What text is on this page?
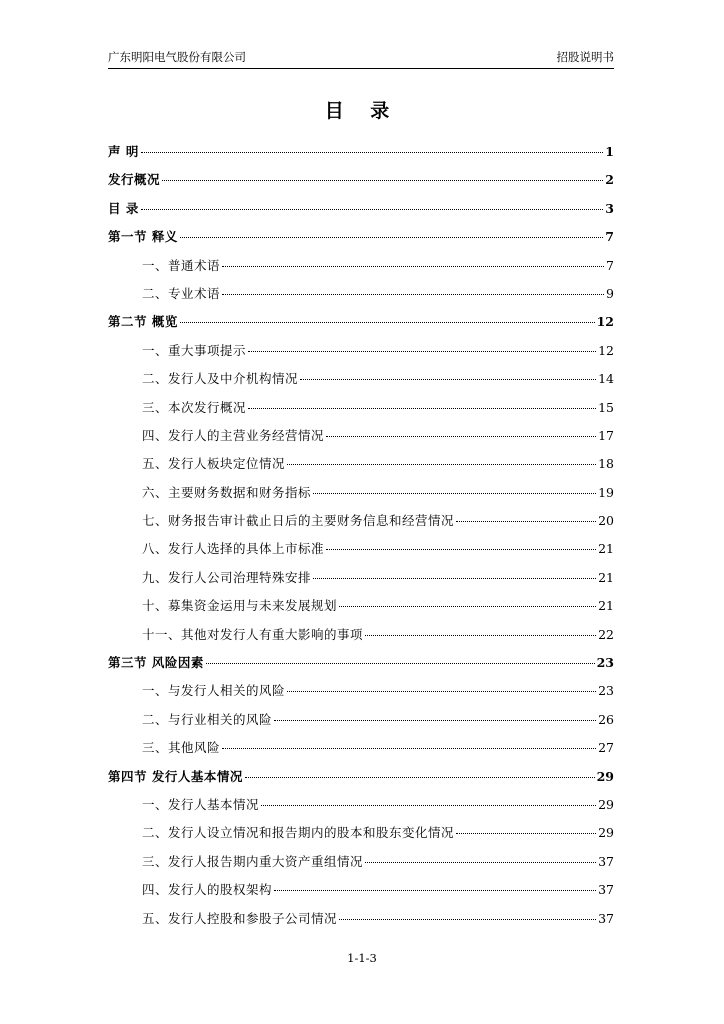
广东明阳电气股份有限公司	招股说明书
目 录
声 明	1
发行概况	2
目 录	3
第一节 释义	7
一、普通术语	7
二、专业术语	9
第二节 概览	12
一、重大事项提示	12
二、发行人及中介机构情况	14
三、本次发行概况	15
四、发行人的主营业务经营情况	17
五、发行人板块定位情况	18
六、主要财务数据和财务指标	19
七、财务报告审计截止日后的主要财务信息和经营情况	20
八、发行人选择的具体上市标准	21
九、发行人公司治理特殊安排	21
十、募集资金运用与未来发展规划	21
十一、其他对发行人有重大影响的事项	22
第三节 风险因素	23
一、与发行人相关的风险	23
二、与行业相关的风险	26
三、其他风险	27
第四节 发行人基本情况	29
一、发行人基本情况	29
二、发行人设立情况和报告期内的股本和股东变化情况	29
三、发行人报告期内重大资产重组情况	37
四、发行人的股权架构	37
五、发行人控股和参股子公司情况	37
1-1-3
